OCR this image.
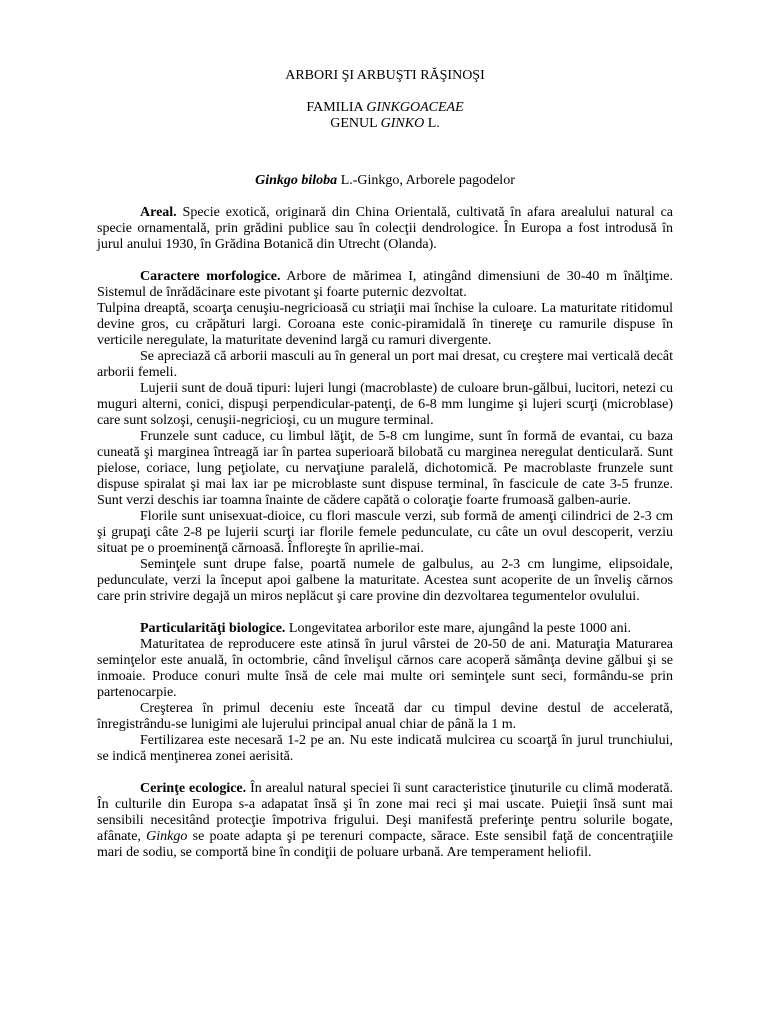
ARBORI ŞI ARBUŞTI RĂŞINOŞI

FAMILIA GINKGOACEAE

GENUL GINKO L.

Ginkgo biloba L.-Ginkgo, Arborele pagodelor

Areal. Specie exotică, originară din China Orientală, cultivată în afara arealului natural ca specie ornamentală, prin grădini publice sau în colecţii dendrologice. În Europa a fost introdusă în jurul anului 1930, în Grădina Botanică din Utrecht (Olanda).

Caractere morfologice. Arbore de mărimea I, atingând dimensiuni de 30-40 m înălţime. Sistemul de înrădăcinare este pivotant şi foarte puternic dezvoltat.

Tulpina dreaptă, scoarţa cenuşiu-negricioasă cu striaţii mai închise la culoare. La maturitate ritidomul devine gros, cu crăpături largi. Coroana este conic-piramidală în tinereţe cu ramurile dispuse în verticile neregulate, la maturitate devenind largă cu ramuri divergente.

Se apreciază că arborii masculi au în general un port mai dresat, cu creştere mai verticală decât arborii femeli.

Lujerii sunt de două tipuri: lujeri lungi (macroblaste) de culoare brun-gălbui, lucitori, netezi cu muguri alterni, conici, dispuşi perpendicular-patenţi, de 6-8 mm lungime şi lujeri scurţi (microblase) care sunt solzoşi, cenuşii-negricioşi, cu un mugure terminal.

Frunzele sunt caduce, cu limbul lăţit, de 5-8 cm lungime, sunt în formă de evantai, cu baza cuneată şi marginea întreagă iar în partea superioară bilobată cu marginea neregulat denticulară. Sunt pielose, coriace, lung peţiolate, cu nervaţiune paralelă, dichotomică. Pe macroblaste frunzele sunt dispuse spiralat şi mai lax iar pe microblaste sunt dispuse terminal, în fascicule de cate 3-5 frunze. Sunt verzi deschis iar toamna înainte de cădere capătă o coloraţie foarte frumoasă galben-aurie.

Florile sunt unisexuat-dioice, cu flori mascule verzi, sub formă de amenţi cilindrici de 2-3 cm şi grupaţi câte 2-8 pe lujerii scurţi iar florile femele pedunculate, cu câte un ovul descoperit, verziu situat pe o proeminenţă cărnoasă. Înfloreşte în aprilie-mai.

Seminţele sunt drupe false, poartă numele de galbulus, au 2-3 cm lungime, elipsoidale, pedunculate, verzi la început apoi galbene la maturitate. Acestea sunt acoperite de un înveliş cărnos care prin strivire degajă un miros neplăcut şi care provine din dezvoltarea tegumentelor ovulului.

Particularităţi biologice. Longevitatea arborilor este mare, ajungând la peste 1000 ani.

Maturitatea de reproducere este atinsă în jurul vârstei de 20-50 de ani. Maturaţia Maturarea seminţelor este anuală, în octombrie, când învelişul cărnos care acoperă sămânţa devine gălbui şi se inmoaie. Produce conuri multe însă de cele mai multe ori seminţele sunt seci, formându-se prin partenocarpie.

Creşterea în primul deceniu este înceată dar cu timpul devine destul de accelerată, înregistrându-se lunigimi ale lujerului principal anual chiar de până la 1 m.

Fertilizarea este necesară 1-2 pe an. Nu este indicată mulcirea cu scoarţă în jurul trunchiului, se indică menţinerea zonei aerisită.

Cerinţe ecologice. În arealul natural speciei îi sunt caracteristice ţinuturile cu climă moderată. În culturile din Europa s-a adapatat însă şi în zone mai reci şi mai uscate. Puieţii însă sunt mai sensibili necesitând protecţie împotriva frigului. Deşi manifestă preferinţe pentru solurile bogate, afânate, Ginkgo se poate adapta şi pe terenuri compacte, sărace. Este sensibil faţă de concentraţiile mari de sodiu, se comportă bine în condiţii de poluare urbană. Are temperament heliofil.
